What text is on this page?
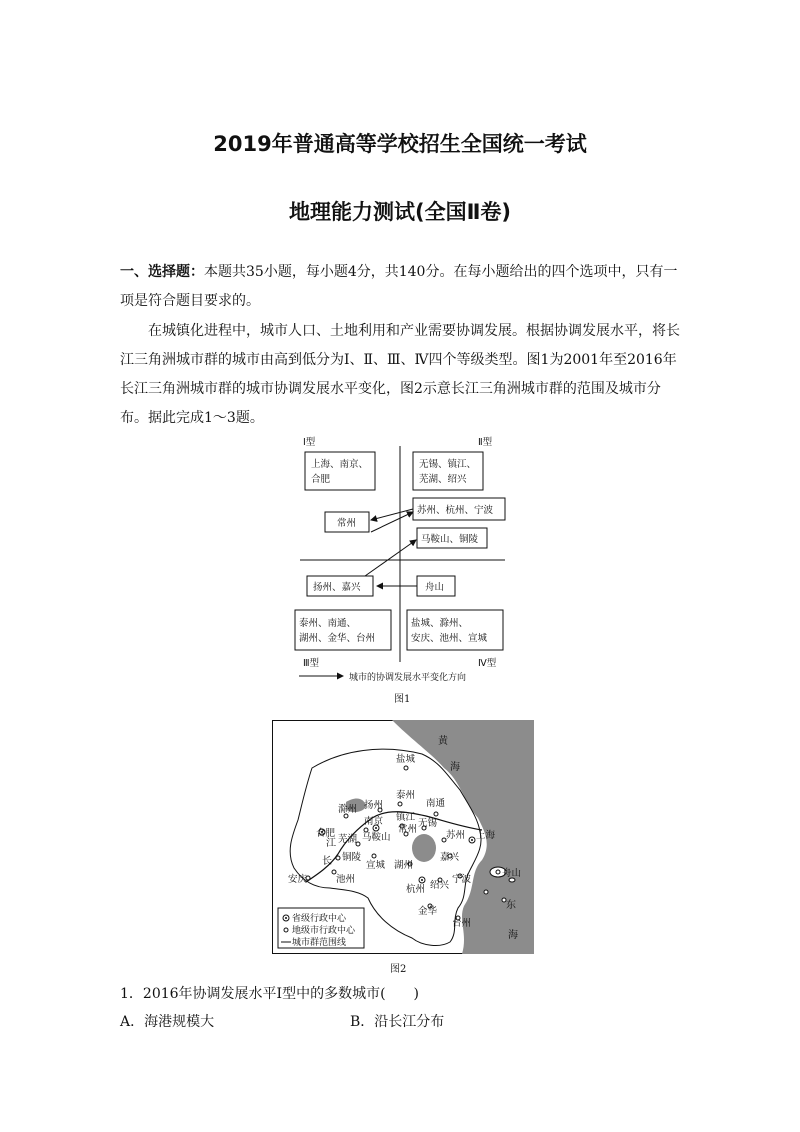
2019年普通高等学校招生全国统一考试
地理能力测试(全国Ⅱ卷)

一、选择题：本题共35小题，每小题4分，共140分。在每小题给出的四个选项中，只有一项是符合题目要求的。

在城镇化进程中，城市人口、土地利用和产业需要协调发展。根据协调发展水平，将长江三角洲城市群的城市由高到低分为Ⅰ、Ⅱ、Ⅲ、Ⅳ四个等级类型。图1为2001年至2016年长江三角洲城市群的城市协调发展水平变化，图2示意长江三角洲城市群的范围及城市分布。据此完成1～3题。

Ⅰ型	Ⅱ型
Ⅲ型	Ⅳ型
上海、南京、
合肥
无锡、镇江、
芜湖、绍兴
苏州、杭州、宁波
常州
马鞍山、铜陵
扬州、嘉兴	舟山
泰州、南通、
湖州、金华、台州
盐城、滁州、
安庆、池州、宣城
城市的协调发展水平变化方向
图1
黄
海
东
海
盐城
泰州
南通
扬州
滁州
南京 镇江
合肥	常州
无锡
苏州 上海
芜湖 马鞍山
铜陵
宣城 湖州
嘉兴
安庆	池州
杭州 绍兴
宁波
舟山
金华
台州
江
长
省级行政中心
地级市行政中心
城市群范围线
图2
1．2016年协调发展水平Ⅰ型中的多数城市(　　)
A．海港规模大	B．沿长江分布
